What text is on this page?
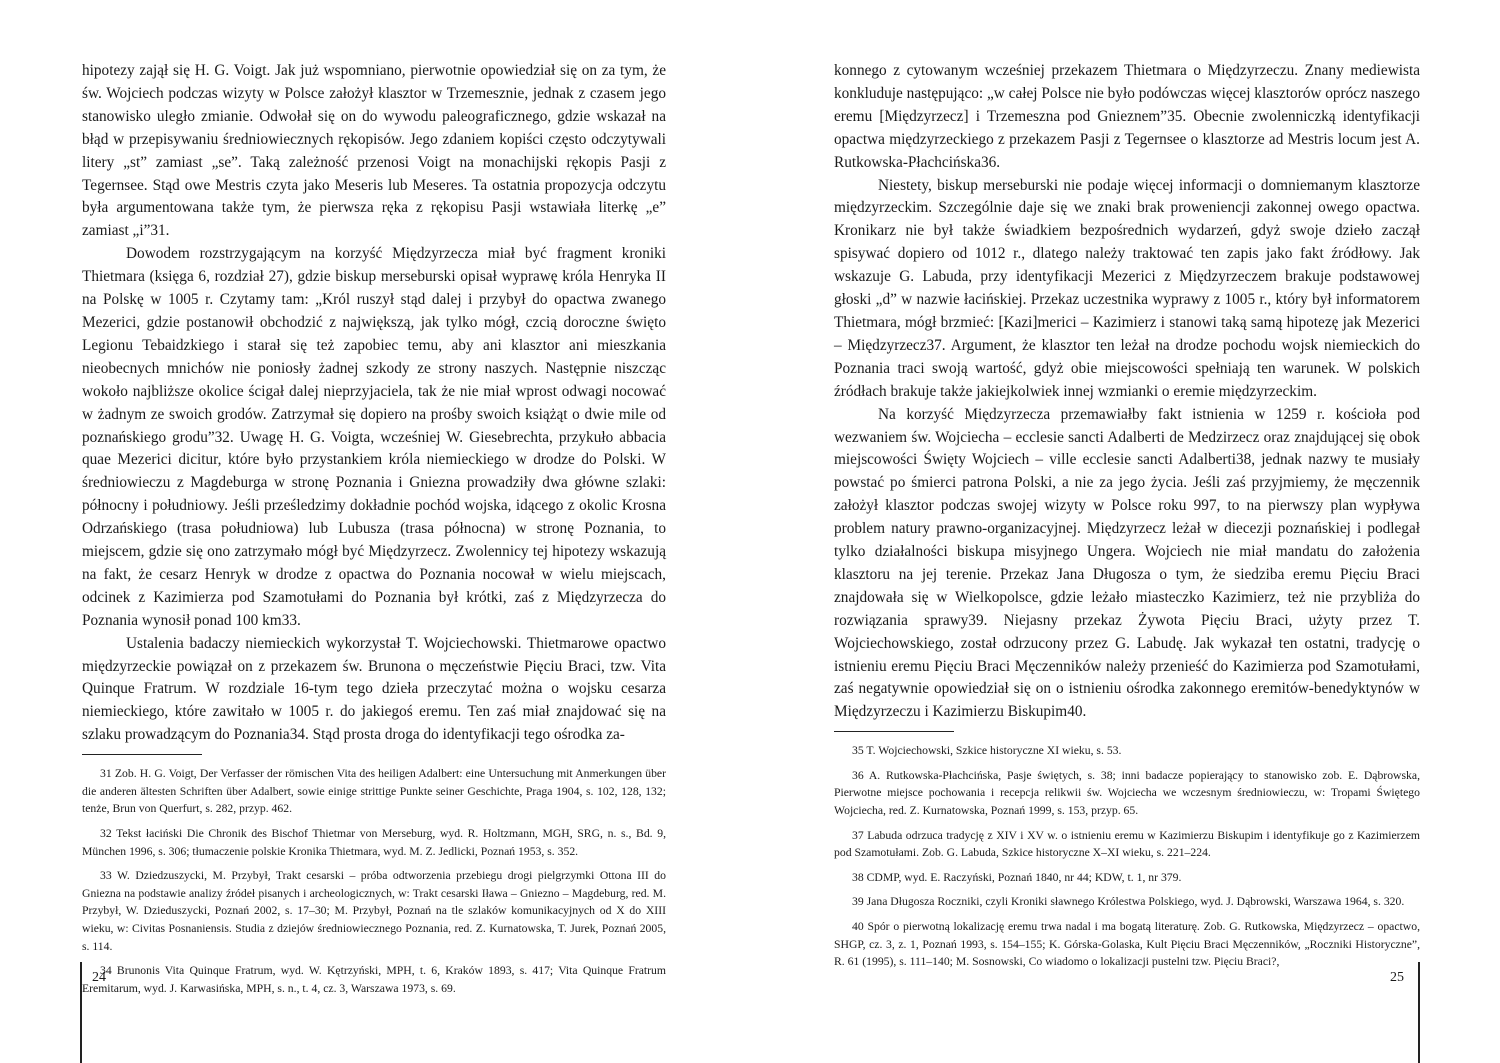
hipotezy zajął się H. G. Voigt. Jak już wspomniano, pierwotnie opowiedział się on za tym, że św. Wojciech podczas wizyty w Polsce założył klasztor w Trzemesznie, jednak z czasem jego stanowisko uległo zmianie. Odwołał się on do wywodu paleograficznego, gdzie wskazał na błąd w przepisywaniu średniowiecznych rękopisów. Jego zdaniem kopiści często odczytywali litery „st” zamiast „se”. Taką zależność przenosi Voigt na monachijski rękopis Pasji z Tegernsee. Stąd owe Mestris czyta jako Meseris lub Meseres. Ta ostatnia propozycja odczytu była argumentowana także tym, że pierwsza ręka z rękopisu Pasji wstawiała literkę „e” zamiast „i”31.

Dowodem rozstrzygającym na korzyść Międzyrzecza miał być fragment kroniki Thietmara (księga 6, rozdział 27), gdzie biskup merseburski opisał wyprawę króla Henryka II na Polskę w 1005 r. Czytamy tam: „Król ruszył stąd dalej i przybył do opactwa zwanego Mezerici, gdzie postanowił obchodzić z największą, jak tylko mógł, czcią doroczne święto Legionu Tebaidzkiego i starał się też zapobiec temu, aby ani klasztor ani mieszkania nieobecnych mnichów nie poniosły żadnej szkody ze strony naszych. Następnie niszcząc wokoło najbliższe okolice ścigał dalej nieprzyjaciela, tak że nie miał wprost odwagi nocować w żadnym ze swoich grodów. Zatrzymał się dopiero na prośby swoich książąt o dwie mile od poznańskiego grodu”32. Uwagę H. G. Voigta, wcześniej W. Giesebrechta, przykuło abbacia quae Mezerici dicitur, które było przystankiem króla niemieckiego w drodze do Polski. W średniowieczu z Magdeburga w stronę Poznania i Gniezna prowadziły dwa główne szlaki: północny i południowy. Jeśli prześledzimy dokładnie pochód wojska, idącego z okolic Krosna Odrzańskiego (trasa południowa) lub Lubusza (trasa północna) w stronę Poznania, to miejscem, gdzie się ono zatrzymało mógł być Międzyrzecz. Zwolennicy tej hipotezy wskazują na fakt, że cesarz Henryk w drodze z opactwa do Poznania nocował w wielu miejscach, odcinek z Kazimierza pod Szamotułami do Poznania był krótki, zaś z Międzyrzecza do Poznania wynosił ponad 100 km33.

Ustalenia badaczy niemieckich wykorzystał T. Wojciechowski. Thietmarowe opactwo międzyrzeckie powiązał on z przekazem św. Brunona o męczeństwie Pięciu Braci, tzw. Vita Quinque Fratrum. W rozdziale 16-tym tego dzieła przeczytać można o wojsku cesarza niemieckiego, które zawitało w 1005 r. do jakiegoś eremu. Ten zaś miał znajdować się na szlaku prowadzącym do Poznania34. Stąd prosta droga do identyfikacji tego ośrodka za-

31 Zob. H. G. Voigt, Der Verfasser der römischen Vita des heiligen Adalbert: eine Untersuchung mit Anmerkungen über die anderen ältesten Schriften über Adalbert, sowie einige strittige Punkte seiner Geschichte, Praga 1904, s. 102, 128, 132; tenże, Brun von Querfurt, s. 282, przyp. 462.

32 Tekst łaciński Die Chronik des Bischof Thietmar von Merseburg, wyd. R. Holtzmann, MGH, SRG, n. s., Bd. 9, München 1996, s. 306; tłumaczenie polskie Kronika Thietmara, wyd. M. Z. Jedlicki, Poznań 1953, s. 352.

33 W. Dziedzuszycki, M. Przybył, Trakt cesarski – próba odtworzenia przebiegu drogi pielgrzymki Ottona III do Gniezna na podstawie analizy źródeł pisanych i archeologicznych, w: Trakt cesarski Iława – Gniezno – Magdeburg, red. M. Przybył, W. Dzieduszycki, Poznań 2002, s. 17–30; M. Przybył, Poznań na tle szlaków komunikacyjnych od X do XIII wieku, w: Civitas Posnaniensis. Studia z dziejów średniowiecznego Poznania, red. Z. Kurnatowska, T. Jurek, Poznań 2005, s. 114.

34 Brunonis Vita Quinque Fratrum, wyd. W. Kętrzyński, MPH, t. 6, Kraków 1893, s. 417; Vita Quinque Fratrum Eremitarum, wyd. J. Karwasińska, MPH, s. n., t. 4, cz. 3, Warszawa 1973, s. 69.

24

konnego z cytowanym wcześniej przekazem Thietmara o Międzyrzeczu. Znany mediewista konkluduje następująco: „w całej Polsce nie było podówczas więcej klasztorów oprócz naszego eremu [Międzyrzecz] i Trzemeszna pod Gnieznem”35. Obecnie zwolenniczką identyfikacji opactwa międzyrzeckiego z przekazem Pasji z Tegernsee o klasztorze ad Mestris locum jest A. Rutkowska-Płachcińska36.

Niestety, biskup merseburski nie podaje więcej informacji o domniemanym klasztorze międzyrzeckim. Szczególnie daje się we znaki brak proweniencji zakonnej owego opactwa. Kronikarz nie był także świadkiem bezpośrednich wydarzeń, gdyż swoje dzieło zaczął spisywać dopiero od 1012 r., dlatego należy traktować ten zapis jako fakt źródłowy. Jak wskazuje G. Labuda, przy identyfikacji Mezerici z Międzyrzeczem brakuje podstawowej głoski „d” w nazwie łacińskiej. Przekaz uczestnika wyprawy z 1005 r., który był informatorem Thietmara, mógł brzmieć: [Kazi]merici – Kazimierz i stanowi taką samą hipotezę jak Mezerici – Międzyrzecz37. Argument, że klasztor ten leżał na drodze pochodu wojsk niemieckich do Poznania traci swoją wartość, gdyż obie miejscowości spełniają ten warunek. W polskich źródłach brakuje także jakiejkolwiek innej wzmianki o eremie międzyrzeckim.

Na korzyść Międzyrzecza przemawiałby fakt istnienia w 1259 r. kościoła pod wezwaniem św. Wojciecha – ecclesie sancti Adalberti de Medzirzecz oraz znajdującej się obok miejscowości Święty Wojciech – ville ecclesie sancti Adalberti38, jednak nazwy te musiały powstać po śmierci patrona Polski, a nie za jego życia. Jeśli zaś przyjmiemy, że męczennik założył klasztor podczas swojej wizyty w Polsce roku 997, to na pierwszy plan wypływa problem natury prawno-organizacyjnej. Międzyrzecz leżał w diecezji poznańskiej i podlegał tylko działalności biskupa misyjnego Ungera. Wojciech nie miał mandatu do założenia klasztoru na jej terenie. Przekaz Jana Długosza o tym, że siedziba eremu Pięciu Braci znajdowała się w Wielkopolsce, gdzie leżało miasteczko Kazimierz, też nie przybliża do rozwiązania sprawy39. Niejasny przekaz Żywota Pięciu Braci, użyty przez T. Wojciechowskiego, został odrzucony przez G. Labudę. Jak wykazał ten ostatni, tradycję o istnieniu eremu Pięciu Braci Męczenników należy przenieść do Kazimierza pod Szamotułami, zaś negatywnie opowiedział się on o istnieniu ośrodka zakonnego eremitów-benedyktynów w Międzyrzeczu i Kazimierzu Biskupim40.

35 T. Wojciechowski, Szkice historyczne XI wieku, s. 53.

36 A. Rutkowska-Płachcińska, Pasje świętych, s. 38; inni badacze popierający to stanowisko zob. E. Dąbrowska, Pierwotne miejsce pochowania i recepcja relikwii św. Wojciecha we wczesnym średniowieczu, w: Tropami Świętego Wojciecha, red. Z. Kurnatowska, Poznań 1999, s. 153, przyp. 65.

37 Labuda odrzuca tradycję z XIV i XV w. o istnieniu eremu w Kazimierzu Biskupim i identyfikuje go z Kazimierzem pod Szamotułami. Zob. G. Labuda, Szkice historyczne X–XI wieku, s. 221–224.

38 CDMP, wyd. E. Raczyński, Poznań 1840, nr 44; KDW, t. 1, nr 379.

39 Jana Długosza Roczniki, czyli Kroniki sławnego Królestwa Polskiego, wyd. J. Dąbrowski, Warszawa 1964, s. 320.

40 Spór o pierwotną lokalizację eremu trwa nadal i ma bogatą literaturę. Zob. G. Rutkowska, Międzyrzecz – opactwo, SHGP, cz. 3, z. 1, Poznań 1993, s. 154–155; K. Górska-Golaska, Kult Pięciu Braci Męczenników, „Roczniki Historyczne”, R. 61 (1995), s. 111–140; M. Sosnowski, Co wiadomo o lokalizacji pustelni tzw. Pięciu Braci?,

25
